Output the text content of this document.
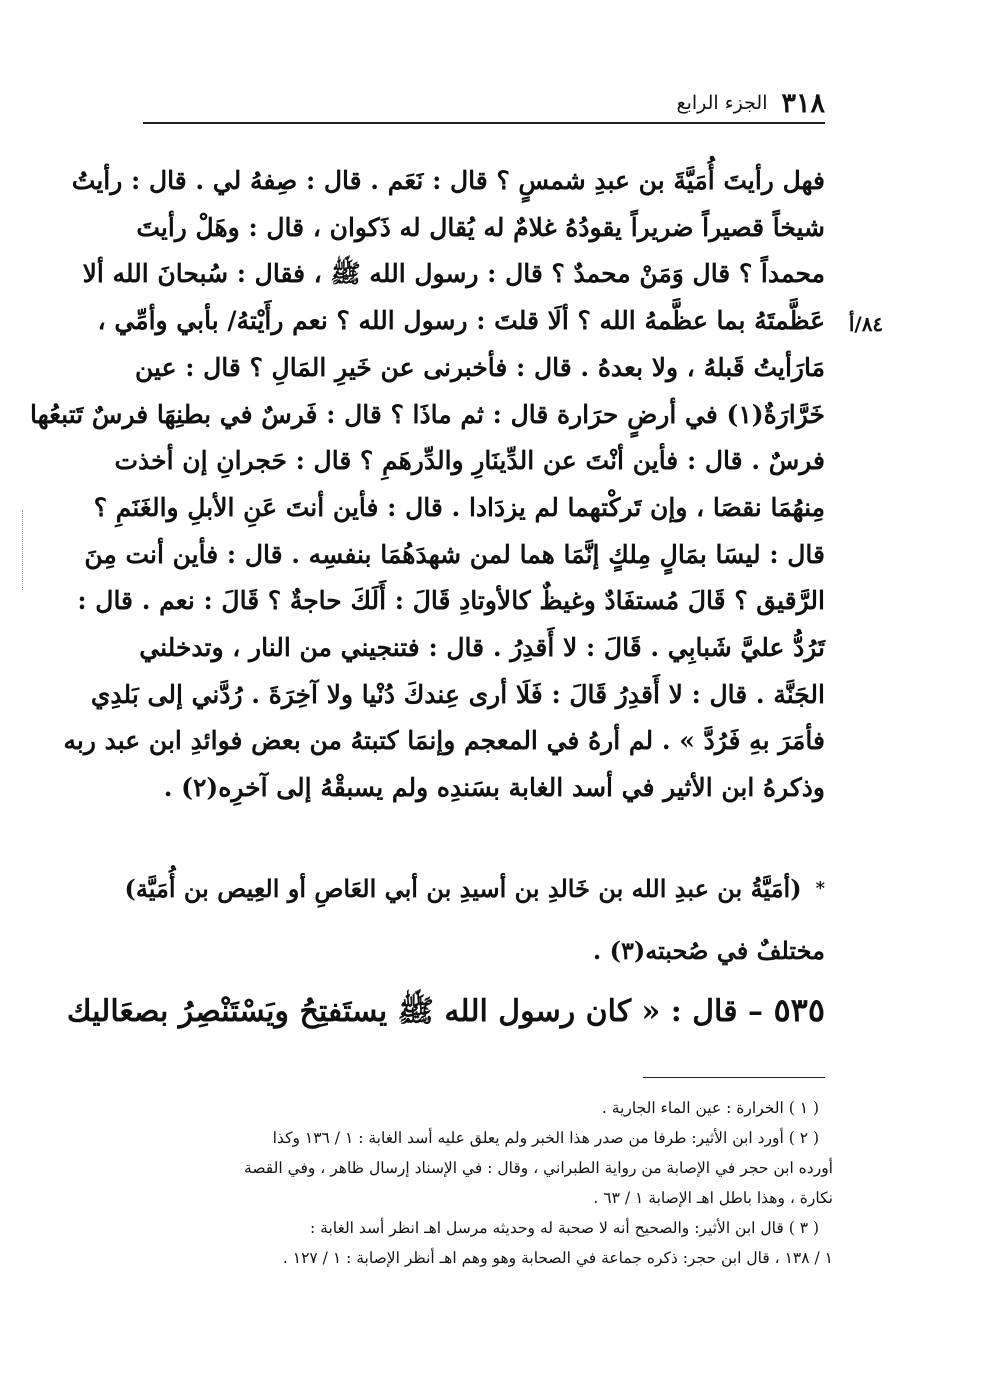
٣١٨
الجزء الرابع
٨٤/أ
فهل رأيتَ أُمَيَّةَ بن عبدِ شمسٍ ؟ قال : نَعَم . قال : صِفهُ لي . قال : رأيتُ
شيخاً قصيراً ضريراً يقودُهُ غلامٌ له يُقال له ذَكوان ، قال : وهَلْ رأيتَ
محمداً ؟ قال وَمَنْ محمدٌ ؟ قال : رسول الله ﷺ ، فقال : سُبحانَ الله ألا
عَظَّمتَهُ بما عظَّمهُ الله ؟ ألَا قلتَ : رسول الله ؟ نعم رأَيْتهُ/ بأبي وأمِّي ،
مَارَأيتُ قَبلهُ ، ولا بعدهُ . قال : فأخبرنى عن خَيرِ المَالِ ؟ قال : عين
خَرَّارَةٌ(١) في أرضٍ حرَارة قال : ثم ماذَا ؟ قال : فَرسٌ في بطنِهَا فرسٌ تَتبعُها
فرسٌ . قال : فأين أنْتَ عن الدِّينَارِ والدِّرهَمِ ؟ قال : حَجرانِ إن أخذت
مِنهُمَا نقصَا ، وإن تَركْتهما لم يزدَادا . قال : فأين أنتَ عَنِ الأبلِ والغَنَمِ ؟
قال : ليسَا بمَالٍ مِلكٍ إنَّمَا هما لمن شهدَهُمَا بنفسِه . قال : فأين أنت مِنَ
الرَّقيق ؟ قَالَ مُستفَادٌ وغيظٌ كالأوتادِ قَالَ : أَلَكَ حاجةٌ ؟ قَالَ : نعم . قال :
تَرُدُّ عليَّ شَبابِي . قَالَ : لا أَقدِرُ . قال : فتنجيني من النار ، وتدخلني
الجَنَّة . قال : لا أَقدِرُ قَالَ : فَلَا أرى عِندكَ دُنْيا ولا آخِرَةَ . رُدَّني إلى بَلدِي
فأمَرَ بهِ فَرُدَّ » . لم أرهُ في المعجم وإنمَا كتبتهُ من بعض فوائدِ ابن عبد ربه
وذكرهُ ابن الأثير في أسد الغابة بسَندِه ولم يسبقْهُ إلى آخرِه(٢) .
*
(أمَيَّةُ بن عبدِ الله بن خَالدِ بن أسيدِ بن أبي العَاصِ أو العِيص بن أُمَيَّة)
مختلفٌ في صُحبته(٣) .
٥٣٥ – قال : « كان رسول الله ﷺ يستَفتِحُ ويَسْتَنْصِرُ بصعَاليك
( ١ ) الخرارة : عين الماء الجارية .
( ٢ ) أورد ابن الأثير: طرفا من صدر هذا الخبر ولم يعلق عليه أسد الغابة : ١ / ١٣٦ وكذا
أورده ابن حجر في الإصابة من رواية الطبراني ، وقال : في الإسناد إرسال ظاهر ، وفي القصة
نكارة ، وهذا باطل اهـ الإصابة ١ / ٦٣ .
( ٣ ) قال ابن الأثير: والصحيح أنه لا صحبة له وحديثه مرسل اهـ انظر أسد الغابة :
١ / ١٣٨ ، قال ابن حجر: ذكره جماعة في الصحابة وهو وهم اهـ أنظر الإصابة : ١ / ١٢٧ .
